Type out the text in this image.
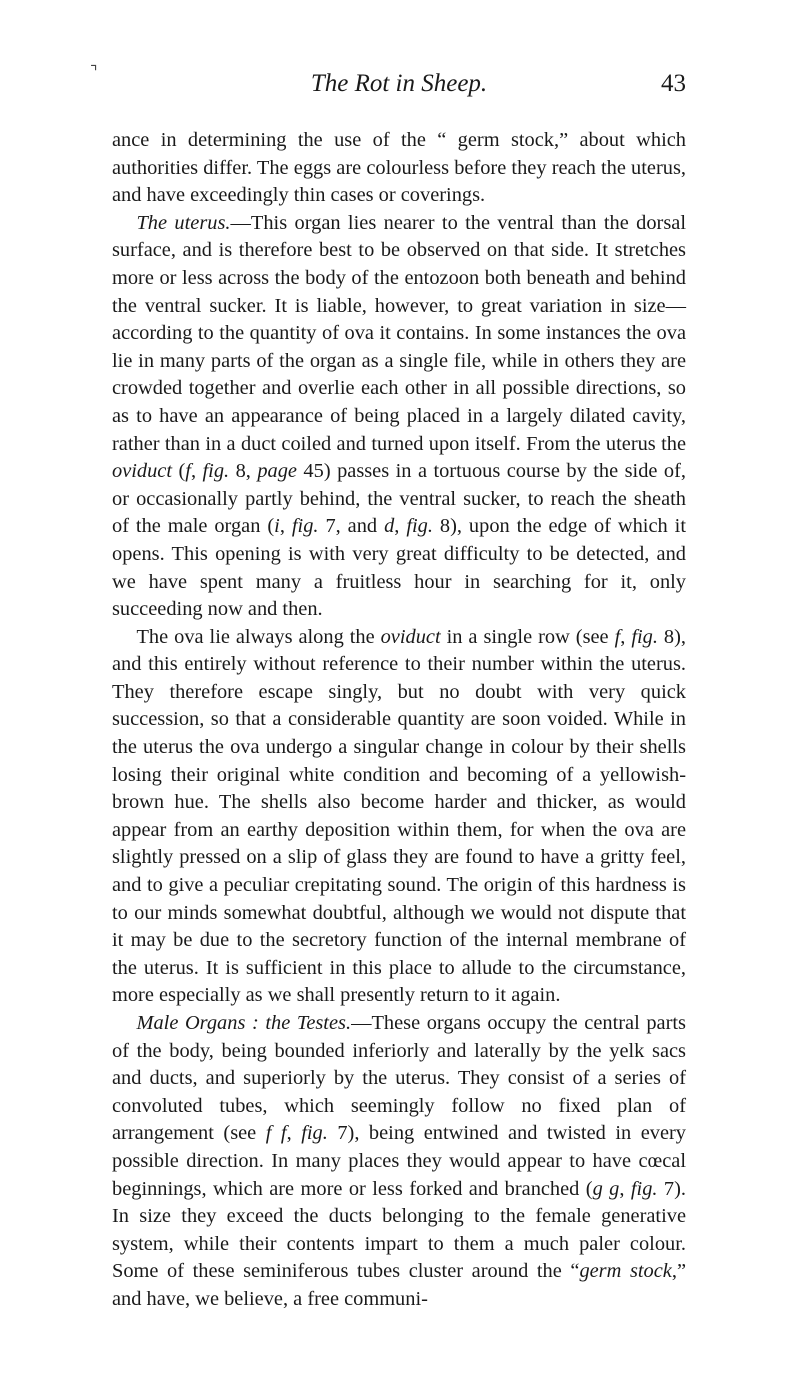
⌝	The Rot in Sheep.	43

ance in determining the use of the “ germ stock,” about which authorities differ. The eggs are colourless before they reach the uterus, and have exceedingly thin cases or coverings.

The uterus.—This organ lies nearer to the ventral than the dorsal surface, and is therefore best to be observed on that side. It stretches more or less across the body of the entozoon both beneath and behind the ventral sucker. It is liable, however, to great variation in size—according to the quantity of ova it contains. In some instances the ova lie in many parts of the organ as a single file, while in others they are crowded together and overlie each other in all possible directions, so as to have an appearance of being placed in a largely dilated cavity, rather than in a duct coiled and turned upon itself. From the uterus the oviduct (f, fig. 8, page 45) passes in a tortuous course by the side of, or occasionally partly behind, the ventral sucker, to reach the sheath of the male organ (i, fig. 7, and d, fig. 8), upon the edge of which it opens. This opening is with very great difficulty to be detected, and we have spent many a fruitless hour in searching for it, only succeeding now and then.

The ova lie always along the oviduct in a single row (see f, fig. 8), and this entirely without reference to their number within the uterus. They therefore escape singly, but no doubt with very quick succession, so that a considerable quantity are soon voided. While in the uterus the ova undergo a singular change in colour by their shells losing their original white condition and becoming of a yellowish-brown hue. The shells also become harder and thicker, as would appear from an earthy deposition within them, for when the ova are slightly pressed on a slip of glass they are found to have a gritty feel, and to give a peculiar crepitating sound. The origin of this hardness is to our minds somewhat doubtful, although we would not dispute that it may be due to the secretory function of the internal membrane of the uterus. It is sufficient in this place to allude to the circumstance, more especially as we shall presently return to it again.

Male Organs : the Testes.—These organs occupy the central parts of the body, being bounded inferiorly and laterally by the yelk sacs and ducts, and superiorly by the uterus. They consist of a series of convoluted tubes, which seemingly follow no fixed plan of arrangement (see f f, fig. 7), being entwined and twisted in every possible direction. In many places they would appear to have cœcal beginnings, which are more or less forked and branched (g g, fig. 7). In size they exceed the ducts belonging to the female generative system, while their contents impart to them a much paler colour. Some of these seminiferous tubes cluster around the “germ stock,” and have, we believe, a free communi-
